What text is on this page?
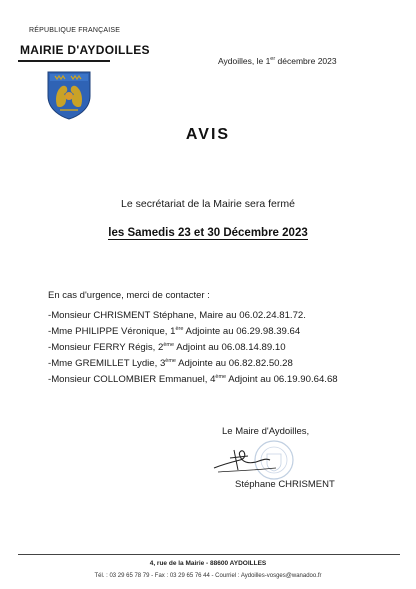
RÉPUBLIQUE FRANÇAISE
MAIRIE D'AYDOILLES
Aydoilles, le 1er décembre 2023
AVIS
Le secrétariat de la Mairie sera fermé
les Samedis 23 et 30 Décembre 2023
En cas d'urgence, merci de contacter :
-Monsieur CHRISMENT Stéphane, Maire au 06.02.24.81.72.
-Mme PHILIPPE Véronique, 1ère Adjointe au 06.29.98.39.64
-Monsieur FERRY Régis, 2ème Adjoint au 06.08.14.89.10
-Mme GREMILLET Lydie, 3ème Adjointe au 06.82.82.50.28
-Monsieur COLLOMBIER Emmanuel, 4ème Adjoint au 06.19.90.64.68
Le Maire d'Aydoilles,
Stéphane CHRISMENT
4, rue de la Mairie - 88600 AYDOILLES
Tél. : 03 29 65 78 79 - Fax : 03 29 65 76 44 - Courriel : Aydoilles-vosges@wanadoo.fr
